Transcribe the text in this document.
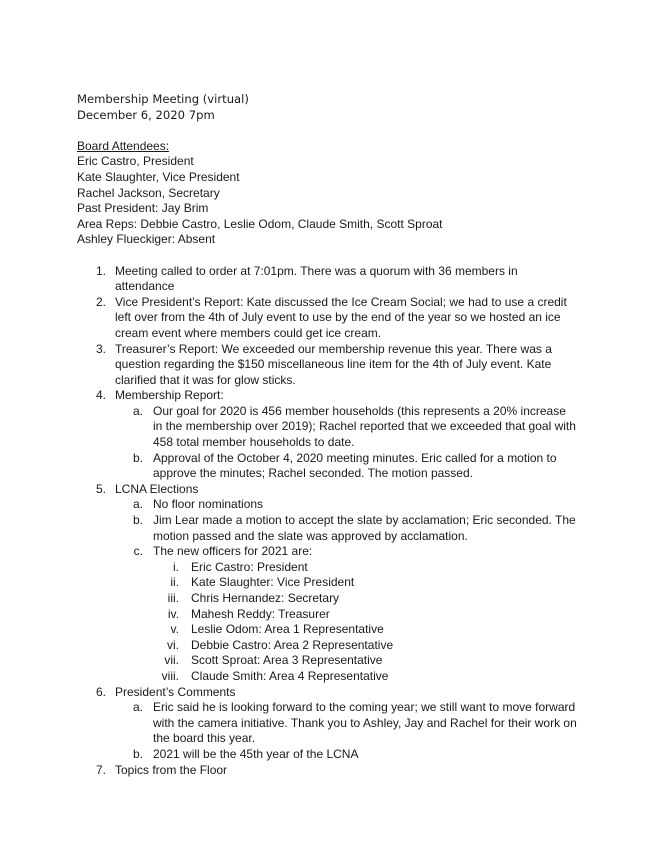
Membership Meeting (virtual)
December 6, 2020 7pm
Board Attendees:
Eric Castro, President
Kate Slaughter, Vice President
Rachel Jackson, Secretary
Past President: Jay Brim
Area Reps: Debbie Castro, Leslie Odom, Claude Smith, Scott Sproat
Ashley Flueckiger: Absent
1. Meeting called to order at 7:01pm. There was a quorum with 36 members in attendance
2. Vice President’s Report: Kate discussed the Ice Cream Social; we had to use a credit left over from the 4th of July event to use by the end of the year so we hosted an ice cream event where members could get ice cream.
3. Treasurer’s Report: We exceeded our membership revenue this year. There was a question regarding the $150 miscellaneous line item for the 4th of July event. Kate clarified that it was for glow sticks.
4. Membership Report:
a. Our goal for 2020 is 456 member households (this represents a 20% increase in the membership over 2019); Rachel reported that we exceeded that goal with 458 total member households to date.
b. Approval of the October 4, 2020 meeting minutes. Eric called for a motion to approve the minutes; Rachel seconded. The motion passed.
5. LCNA Elections
a. No floor nominations
b. Jim Lear made a motion to accept the slate by acclamation; Eric seconded. The motion passed and the slate was approved by acclamation.
c. The new officers for 2021 are:
i. Eric Castro: President
ii. Kate Slaughter: Vice President
iii. Chris Hernandez: Secretary
iv. Mahesh Reddy: Treasurer
v. Leslie Odom: Area 1 Representative
vi. Debbie Castro: Area 2 Representative
vii. Scott Sproat: Area 3 Representative
viii. Claude Smith: Area 4 Representative
6. President’s Comments
a. Eric said he is looking forward to the coming year; we still want to move forward with the camera initiative. Thank you to Ashley, Jay and Rachel for their work on the board this year.
b. 2021 will be the 45th year of the LCNA
7. Topics from the Floor
